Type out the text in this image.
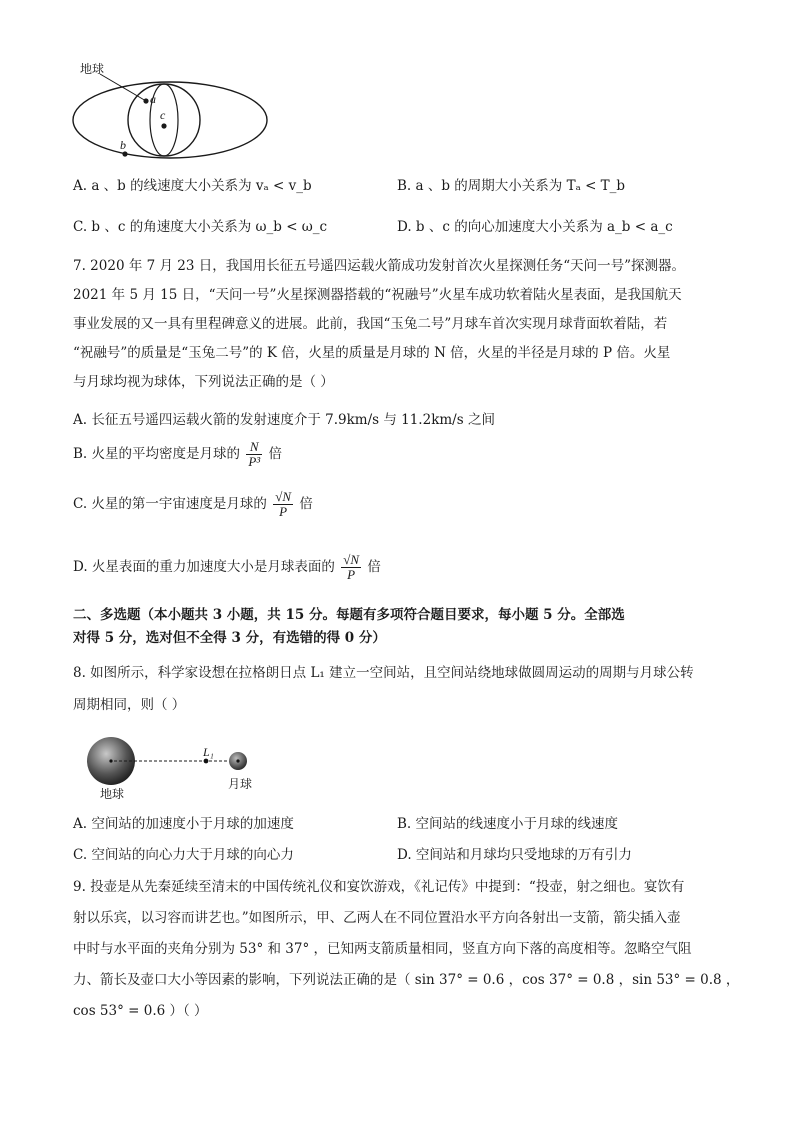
地球
a
c
b
A. a 、b 的线速度大小关系为 vₐ < v_b	B. a 、b 的周期大小关系为 Tₐ < T_b
C. b 、c 的角速度大小关系为 ω_b < ω_c	D. b 、c 的向心加速度大小关系为 a_b < a_c
7. 2020 年 7 月 23 日，我国用长征五号遥四运载火箭成功发射首次火星探测任务“天问一号”探测器。
2021 年 5 月 15 日，“天问一号”火星探测器搭载的“祝融号”火星车成功软着陆火星表面，是我国航天
事业发展的又一具有里程碑意义的进展。此前，我国“玉兔二号”月球车首次实现月球背面软着陆，若
“祝融号”的质量是“玉兔二号”的 K 倍，火星的质量是月球的 N 倍，火星的半径是月球的 P 倍。火星
与月球均视为球体，下列说法正确的是（ ）
A. 长征五号遥四运载火箭的发射速度介于 7.9km/s 与 11.2km/s 之间
B. 火星的平均密度是月球的 $\frac{N}{\text{P³}}$ 倍
C. 火星的第一宇宙速度是月球的 $\frac{√N}{P}$ 倍
D. 火星表面的重力加速度大小是月球表面的 $\frac{√N}{P}$ 倍
二、多选题（本小题共 3 小题，共 15 分。每题有多项符合题目要求，每小题 5 分。全部选
对得 5 分，选对但不全得 3 分，有选错的得 0 分）
8. 如图所示，科学家设想在拉格朗日点 L₁ 建立一空间站，且空间站绕地球做圆周运动的周期与月球公转
周期相同，则（ ）
地球
月球
L₁
A. 空间站的加速度小于月球的加速度	B. 空间站的线速度小于月球的线速度
C. 空间站的向心力大于月球的向心力	D. 空间站和月球均只受地球的万有引力
9. 投壶是从先秦延续至清末的中国传统礼仪和宴饮游戏，《礼记传》中提到：“投壶，射之细也。宴饮有
射以乐宾，以习容而讲艺也。”如图所示，甲、乙两人在不同位置沿水平方向各射出一支箭，箭尖插入壶
中时与水平面的夹角分别为 53° 和 37° ，已知两支箭质量相同，竖直方向下落的高度相等。忽略空气阻
力、箭长及壶口大小等因素的影响，下列说法正确的是（ sin 37° = 0.6 ，cos 37° = 0.8 ，sin 53° = 0.8 ，
cos 53° = 0.6 ）（ ）
